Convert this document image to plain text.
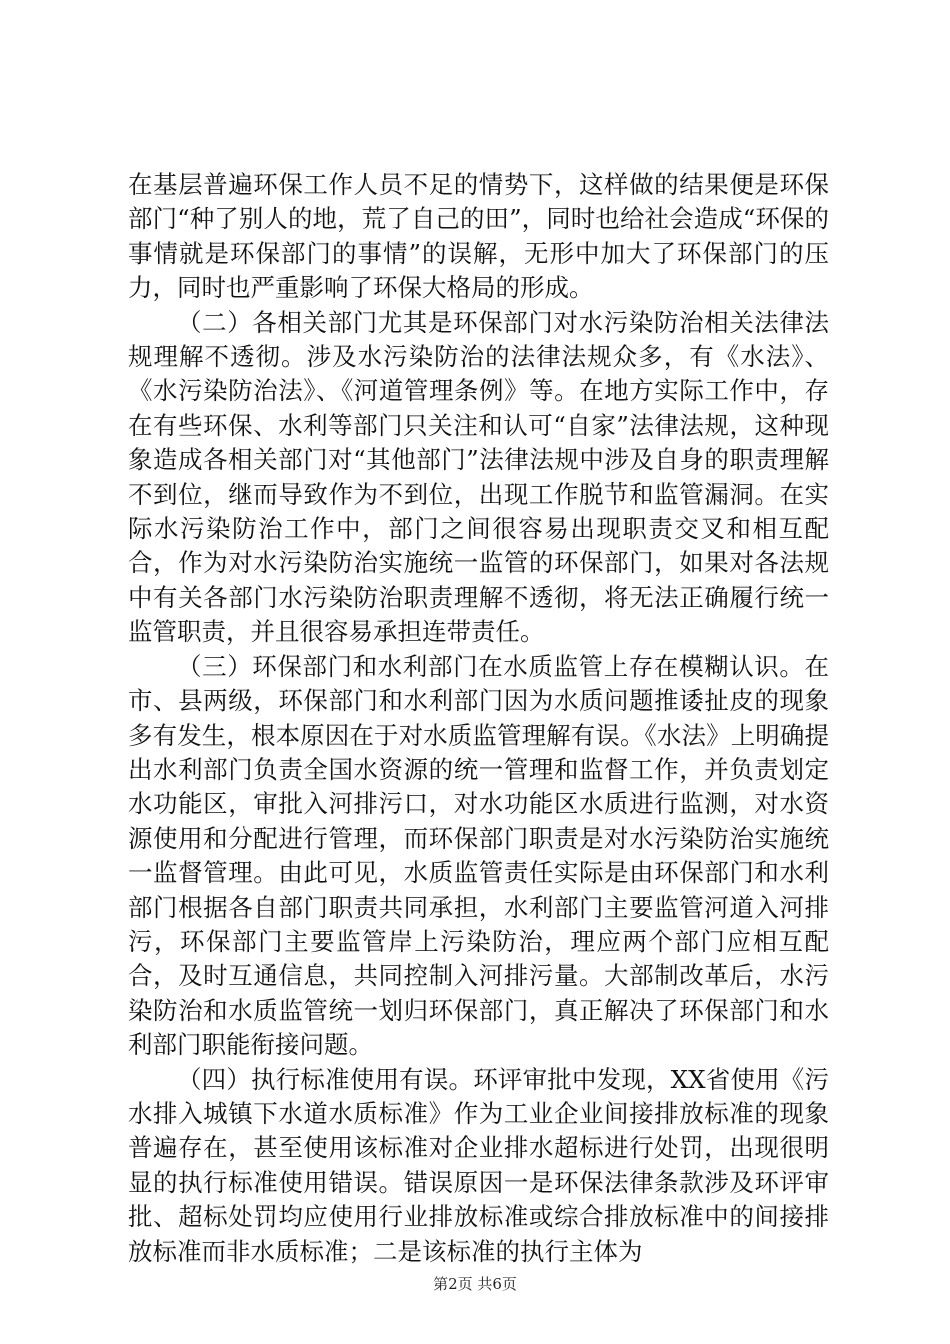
在基层普遍环保工作人员不足的情势下，这样做的结果便是环保部门“种了别人的地，荒了自己的田”，同时也给社会造成“环保的事情就是环保部门的事情”的误解，无形中加大了环保部门的压力，同时也严重影响了环保大格局的形成。

（二）各相关部门尤其是环保部门对水污染防治相关法律法规理解不透彻。涉及水污染防治的法律法规众多，有《水法》、《水污染防治法》、《河道管理条例》等。在地方实际工作中，存在有些环保、水利等部门只关注和认可“自家”法律法规，这种现象造成各相关部门对“其他部门”法律法规中涉及自身的职责理解不到位，继而导致作为不到位，出现工作脱节和监管漏洞。在实际水污染防治工作中，部门之间很容易出现职责交叉和相互配合，作为对水污染防治实施统一监管的环保部门，如果对各法规中有关各部门水污染防治职责理解不透彻，将无法正确履行统一监管职责，并且很容易承担连带责任。

（三）环保部门和水利部门在水质监管上存在模糊认识。在市、县两级，环保部门和水利部门因为水质问题推诿扯皮的现象多有发生，根本原因在于对水质监管理解有误。《水法》上明确提出水利部门负责全国水资源的统一管理和监督工作，并负责划定水功能区，审批入河排污口，对水功能区水质进行监测，对水资源使用和分配进行管理，而环保部门职责是对水污染防治实施统一监督管理。由此可见，水质监管责任实际是由环保部门和水利部门根据各自部门职责共同承担，水利部门主要监管河道入河排污，环保部门主要监管岸上污染防治，理应两个部门应相互配合，及时互通信息，共同控制入河排污量。大部制改革后，水污染防治和水质监管统一划归环保部门，真正解决了环保部门和水利部门职能衔接问题。

（四）执行标准使用有误。环评审批中发现，XX省使用《污水排入城镇下水道水质标准》作为工业企业间接排放标准的现象普遍存在，甚至使用该标准对企业排水超标进行处罚，出现很明显的执行标准使用错误。错误原因一是环保法律条款涉及环评审批、超标处罚均应使用行业排放标准或综合排放标准中的间接排放标准而非水质标准；二是该标准的执行主体为

第2页 共6页
